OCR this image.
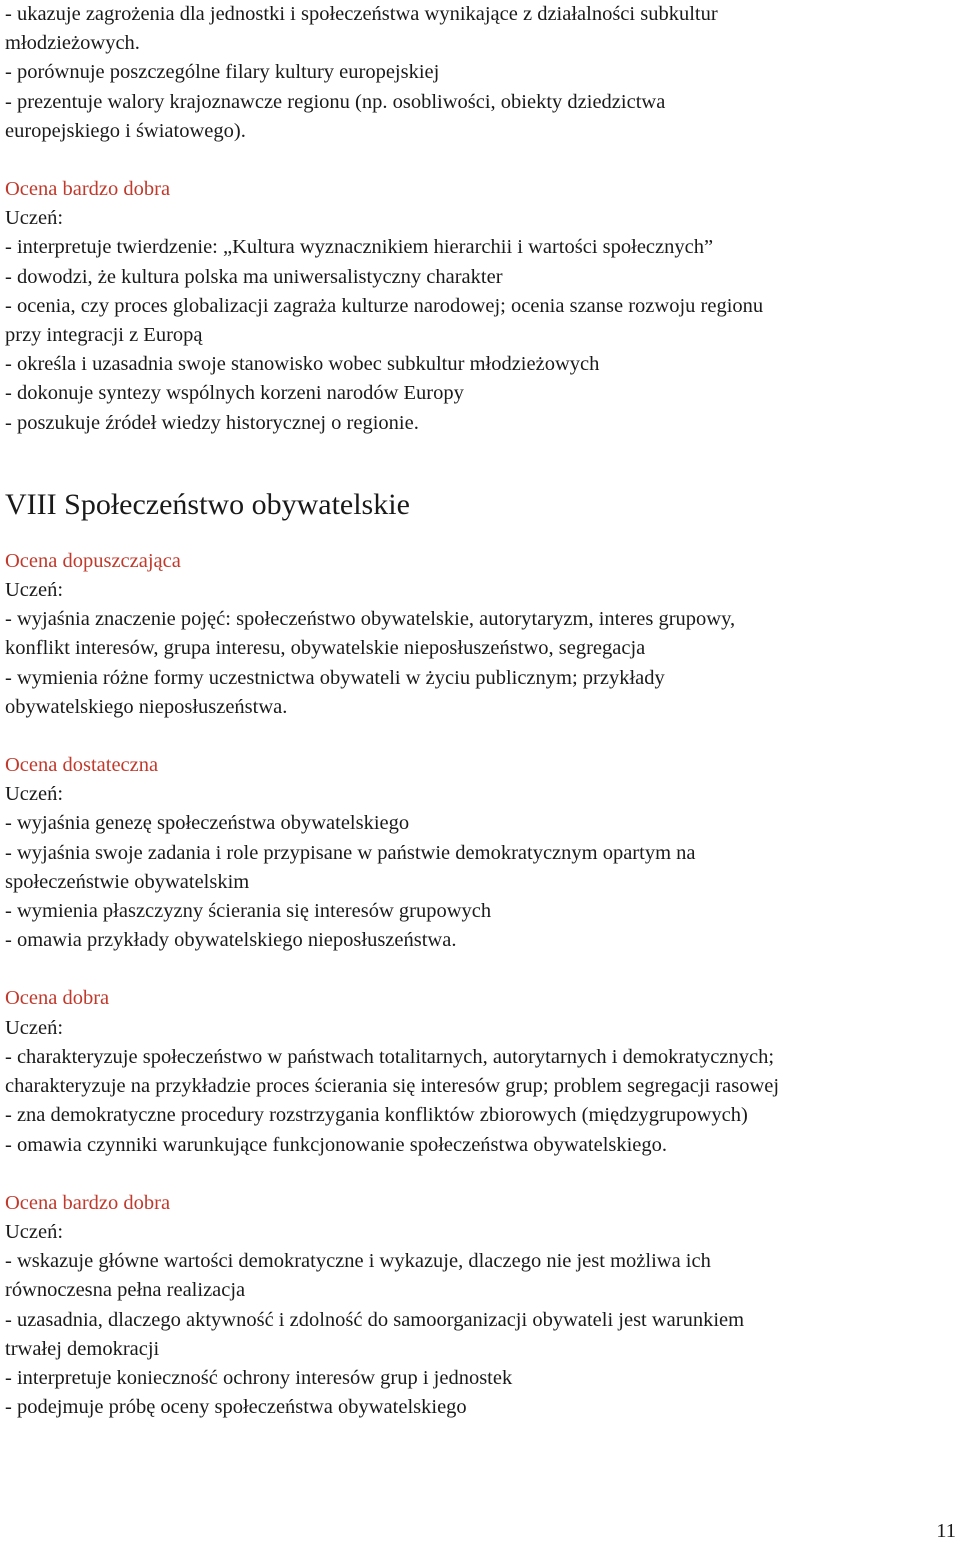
- ukazuje zagrożenia dla jednostki i społeczeństwa wynikające z działalności subkultur
młodzieżowych.
- porównuje poszczególne filary kultury europejskiej
- prezentuje walory krajoznawcze regionu (np. osobliwości, obiekty dziedzictwa
europejskiego i światowego).
Ocena bardzo dobra
Uczeń:
- interpretuje twierdzenie: „Kultura wyznacznikiem hierarchii i wartości społecznych”
- dowodzi, że kultura polska ma uniwersalistyczny charakter
- ocenia, czy proces globalizacji zagraża kulturze narodowej; ocenia szanse rozwoju regionu
przy integracji z Europą
- określa i uzasadnia swoje stanowisko wobec subkultur młodzieżowych
- dokonuje syntezy wspólnych korzeni narodów Europy
- poszukuje źródeł wiedzy historycznej o regionie.
VIII Społeczeństwo obywatelskie
Ocena dopuszczająca
Uczeń:
- wyjaśnia znaczenie pojęć: społeczeństwo obywatelskie, autorytaryzm, interes grupowy,
konflikt interesów, grupa interesu, obywatelskie nieposłuszeństwo, segregacja
- wymienia różne formy uczestnictwa obywateli w życiu publicznym; przykłady
obywatelskiego nieposłuszeństwa.
Ocena dostateczna
Uczeń:
- wyjaśnia genezę społeczeństwa obywatelskiego
- wyjaśnia swoje zadania i role przypisane w państwie demokratycznym opartym na
społeczeństwie obywatelskim
- wymienia płaszczyzny ścierania się interesów grupowych
- omawia przykłady obywatelskiego nieposłuszeństwa.
Ocena dobra
Uczeń:
- charakteryzuje społeczeństwo w państwach totalitarnych, autorytarnych i demokratycznych;
charakteryzuje na przykładzie proces ścierania się interesów grup; problem segregacji rasowej
- zna demokratyczne procedury rozstrzygania konfliktów zbiorowych (międzygrupowych)
- omawia czynniki warunkujące funkcjonowanie społeczeństwa obywatelskiego.
Ocena bardzo dobra
Uczeń:
- wskazuje główne wartości demokratyczne i wykazuje, dlaczego nie jest możliwa ich
równoczesna pełna realizacja
- uzasadnia, dlaczego aktywność i zdolność do samoorganizacji obywateli jest warunkiem
trwałej demokracji
- interpretuje konieczność ochrony interesów grup i jednostek
- podejmuje próbę oceny społeczeństwa obywatelskiego
11
